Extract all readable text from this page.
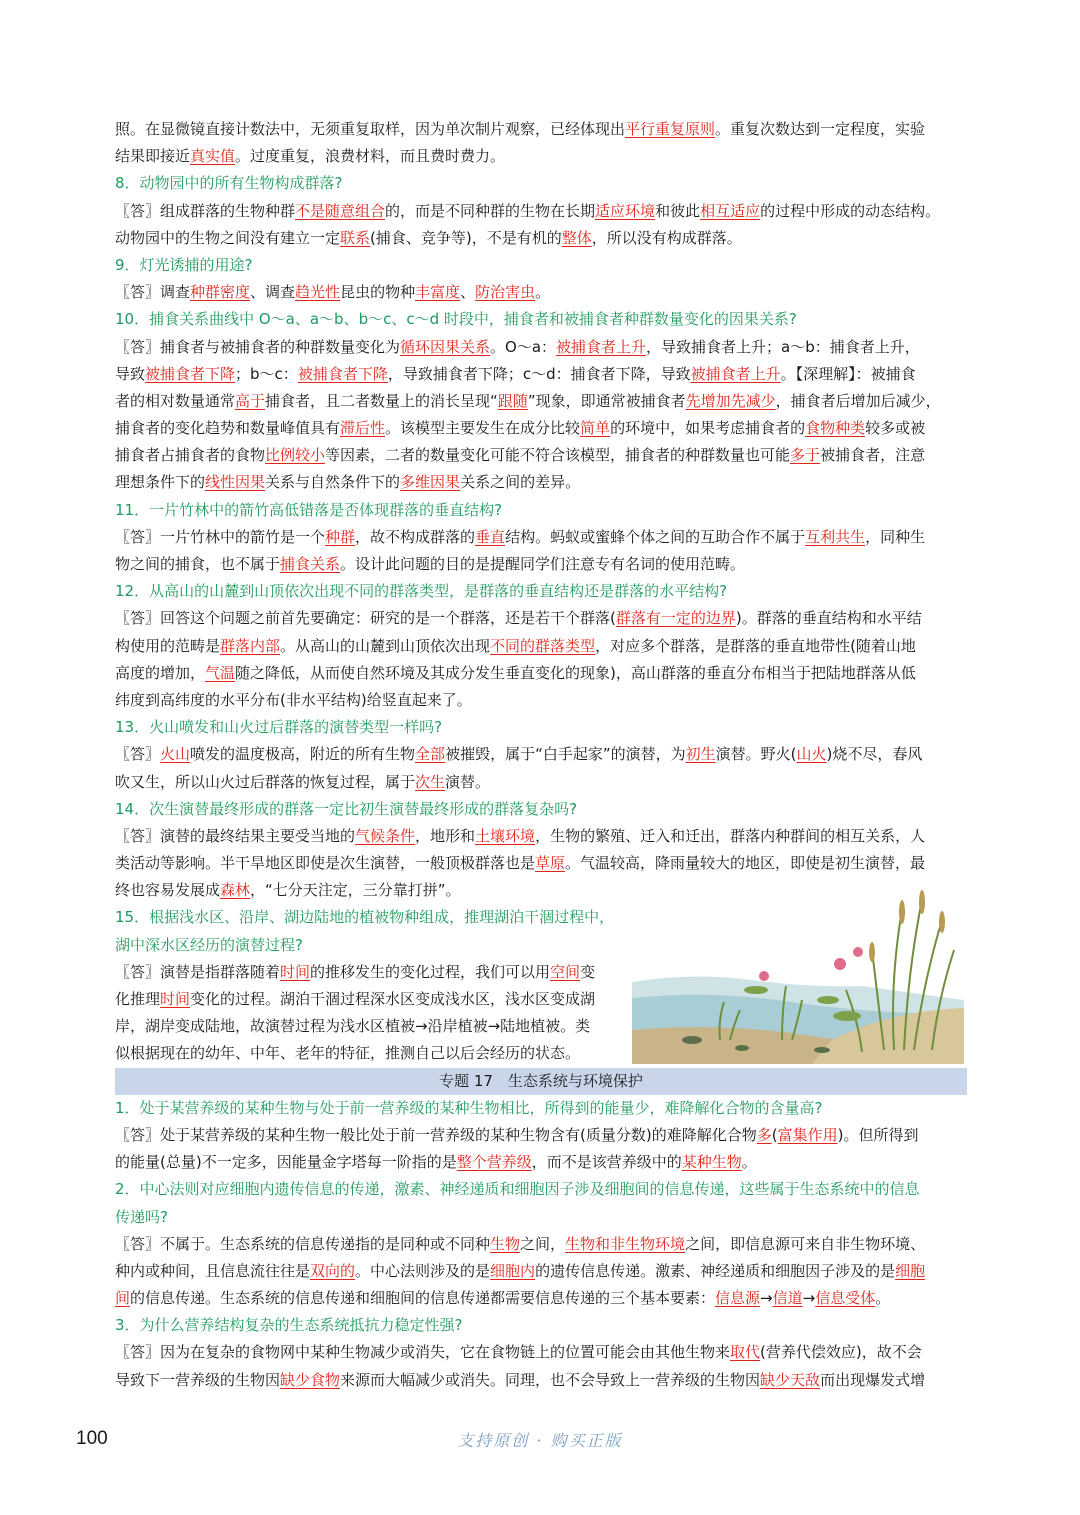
照。在显微镜直接计数法中，无须重复取样，因为单次制片观察，已经体现出平行重复原则。重复次数达到一定程度，实验
结果即接近真实值。过度重复，浪费材料，而且费时费力。
8．动物园中的所有生物构成群落?
〖答〗组成群落的生物种群不是随意组合的，而是不同种群的生物在长期适应环境和彼此相互适应的过程中形成的动态结构。
动物园中的生物之间没有建立一定联系(捕食、竞争等)，不是有机的整体，所以没有构成群落。
9．灯光诱捕的用途?
〖答〗调查种群密度、调查趋光性昆虫的物种丰富度、防治害虫。
10．捕食关系曲线中 O～a、a～b、b～c、c～d 时段中，捕食者和被捕食者种群数量变化的因果关系?
〖答〗捕食者与被捕食者的种群数量变化为循环因果关系。O～a：被捕食者上升，导致捕食者上升；a～b：捕食者上升，
导致被捕食者下降；b～c：被捕食者下降，导致捕食者下降；c～d：捕食者下降，导致被捕食者上升。【深理解】：被捕食
者的相对数量通常高于捕食者，且二者数量上的消长呈现“跟随”现象，即通常被捕食者先增加先减少，捕食者后增加后减少，
捕食者的变化趋势和数量峰值具有滞后性。该模型主要发生在成分比较简单的环境中，如果考虑捕食者的食物种类较多或被
捕食者占捕食者的食物比例较小等因素，二者的数量变化可能不符合该模型，捕食者的种群数量也可能多于被捕食者，注意
理想条件下的线性因果关系与自然条件下的多维因果关系之间的差异。
11．一片竹林中的箭竹高低错落是否体现群落的垂直结构?
〖答〗一片竹林中的箭竹是一个种群，故不构成群落的垂直结构。蚂蚁或蜜蜂个体之间的互助合作不属于互利共生，同种生
物之间的捕食，也不属于捕食关系。设计此问题的目的是提醒同学们注意专有名词的使用范畴。
12．从高山的山麓到山顶依次出现不同的群落类型，是群落的垂直结构还是群落的水平结构?
〖答〗回答这个问题之前首先要确定：研究的是一个群落，还是若干个群落(群落有一定的边界)。群落的垂直结构和水平结
构使用的范畴是群落内部。从高山的山麓到山顶依次出现不同的群落类型，对应多个群落，是群落的垂直地带性(随着山地
高度的增加，气温随之降低，从而使自然环境及其成分发生垂直变化的现象)，高山群落的垂直分布相当于把陆地群落从低
纬度到高纬度的水平分布(非水平结构)给竖直起来了。
13．火山喷发和山火过后群落的演替类型一样吗?
〖答〗火山喷发的温度极高，附近的所有生物全部被摧毁，属于“白手起家”的演替，为初生演替。野火(山火)烧不尽，春风
吹又生，所以山火过后群落的恢复过程，属于次生演替。
14．次生演替最终形成的群落一定比初生演替最终形成的群落复杂吗?
〖答〗演替的最终结果主要受当地的气候条件，地形和土壤环境，生物的繁殖、迁入和迁出，群落内种群间的相互关系，人
类活动等影响。半干旱地区即使是次生演替，一般顶极群落也是草原。气温较高，降雨量较大的地区，即使是初生演替，最
终也容易发展成森林，“七分天注定，三分靠打拼”。
15．根据浅水区、沿岸、湖边陆地的植被物种组成，推理湖泊干涸过程中，
湖中深水区经历的演替过程?
〖答〗演替是指群落随着时间的推移发生的变化过程，我们可以用空间变
化推理时间变化的过程。湖泊干涸过程深水区变成浅水区，浅水区变成湖
岸，湖岸变成陆地，故演替过程为浅水区植被→沿岸植被→陆地植被。类
似根据现在的幼年、中年、老年的特征，推测自己以后会经历的状态。
专题 17　生态系统与环境保护
1．处于某营养级的某种生物与处于前一营养级的某种生物相比，所得到的能量少，难降解化合物的含量高?
〖答〗处于某营养级的某种生物一般比处于前一营养级的某种生物含有(质量分数)的难降解化合物多(富集作用)。但所得到
的能量(总量)不一定多，因能量金字塔每一阶指的是整个营养级，而不是该营养级中的某种生物。
2．中心法则对应细胞内遗传信息的传递，激素、神经递质和细胞因子涉及细胞间的信息传递，这些属于生态系统中的信息
传递吗?
〖答〗不属于。生态系统的信息传递指的是同种或不同种生物之间，生物和非生物环境之间，即信息源可来自非生物环境、
种内或种间，且信息流往往是双向的。中心法则涉及的是细胞内的遗传信息传递。激素、神经递质和细胞因子涉及的是细胞
间的信息传递。生态系统的信息传递和细胞间的信息传递都需要信息传递的三个基本要素：信息源→信道→信息受体。
3．为什么营养结构复杂的生态系统抵抗力稳定性强?
〖答〗因为在复杂的食物网中某种生物减少或消失，它在食物链上的位置可能会由其他生物来取代(营养代偿效应)，故不会
导致下一营养级的生物因缺少食物来源而大幅减少或消失。同理，也不会导致上一营养级的生物因缺少天敌而出现爆发式增
100	支持原创 · 购买正版
